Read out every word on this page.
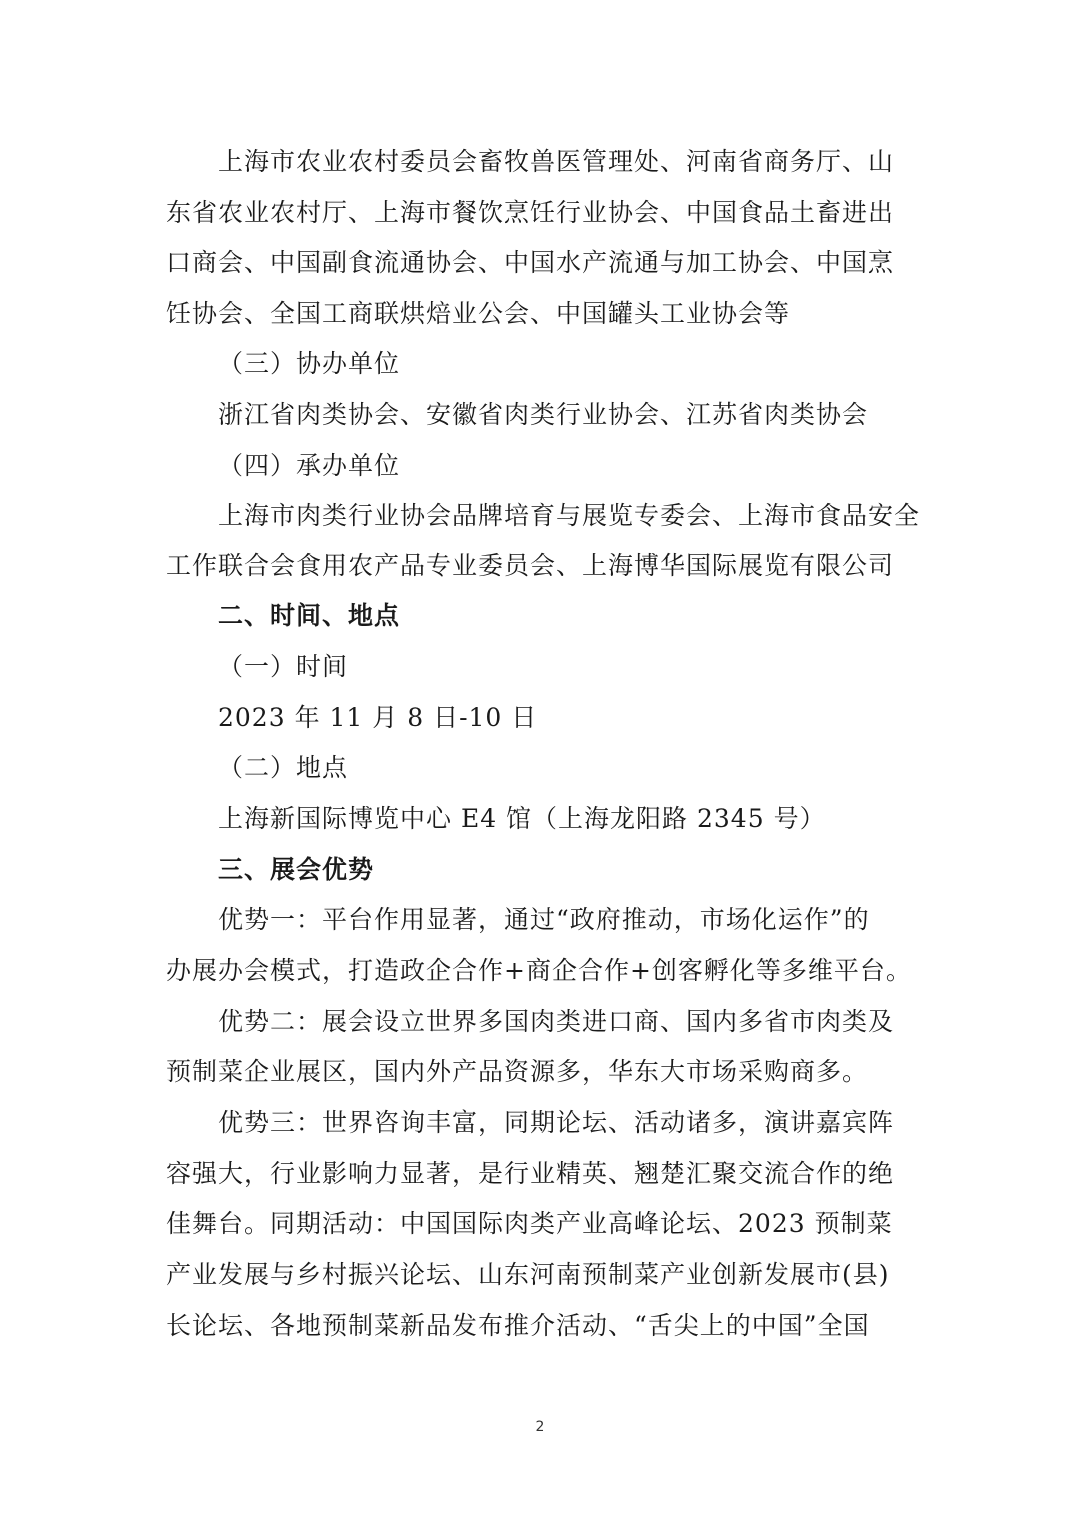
上海市农业农村委员会畜牧兽医管理处、河南省商务厅、山
东省农业农村厅、上海市餐饮烹饪行业协会、中国食品土畜进出
口商会、中国副食流通协会、中国水产流通与加工协会、中国烹
饪协会、全国工商联烘焙业公会、中国罐头工业协会等
（三）协办单位
浙江省肉类协会、安徽省肉类行业协会、江苏省肉类协会
（四）承办单位
上海市肉类行业协会品牌培育与展览专委会、上海市食品安全
工作联合会食用农产品专业委员会、上海博华国际展览有限公司
二、时间、地点
（一）时间
2023 年 11 月 8 日-10 日
（二）地点
上海新国际博览中心 E4 馆（上海龙阳路 2345 号）
三、展会优势
优势一：平台作用显著，通过“政府推动，市场化运作”的
办展办会模式，打造政企合作+商企合作+创客孵化等多维平台。
优势二：展会设立世界多国肉类进口商、国内多省市肉类及
预制菜企业展区，国内外产品资源多，华东大市场采购商多。
优势三：世界咨询丰富，同期论坛、活动诸多，演讲嘉宾阵
容强大，行业影响力显著，是行业精英、翘楚汇聚交流合作的绝
佳舞台。同期活动：中国国际肉类产业高峰论坛、2023 预制菜
产业发展与乡村振兴论坛、山东河南预制菜产业创新发展市(县)
长论坛、各地预制菜新品发布推介活动、“舌尖上的中国”全国
2
